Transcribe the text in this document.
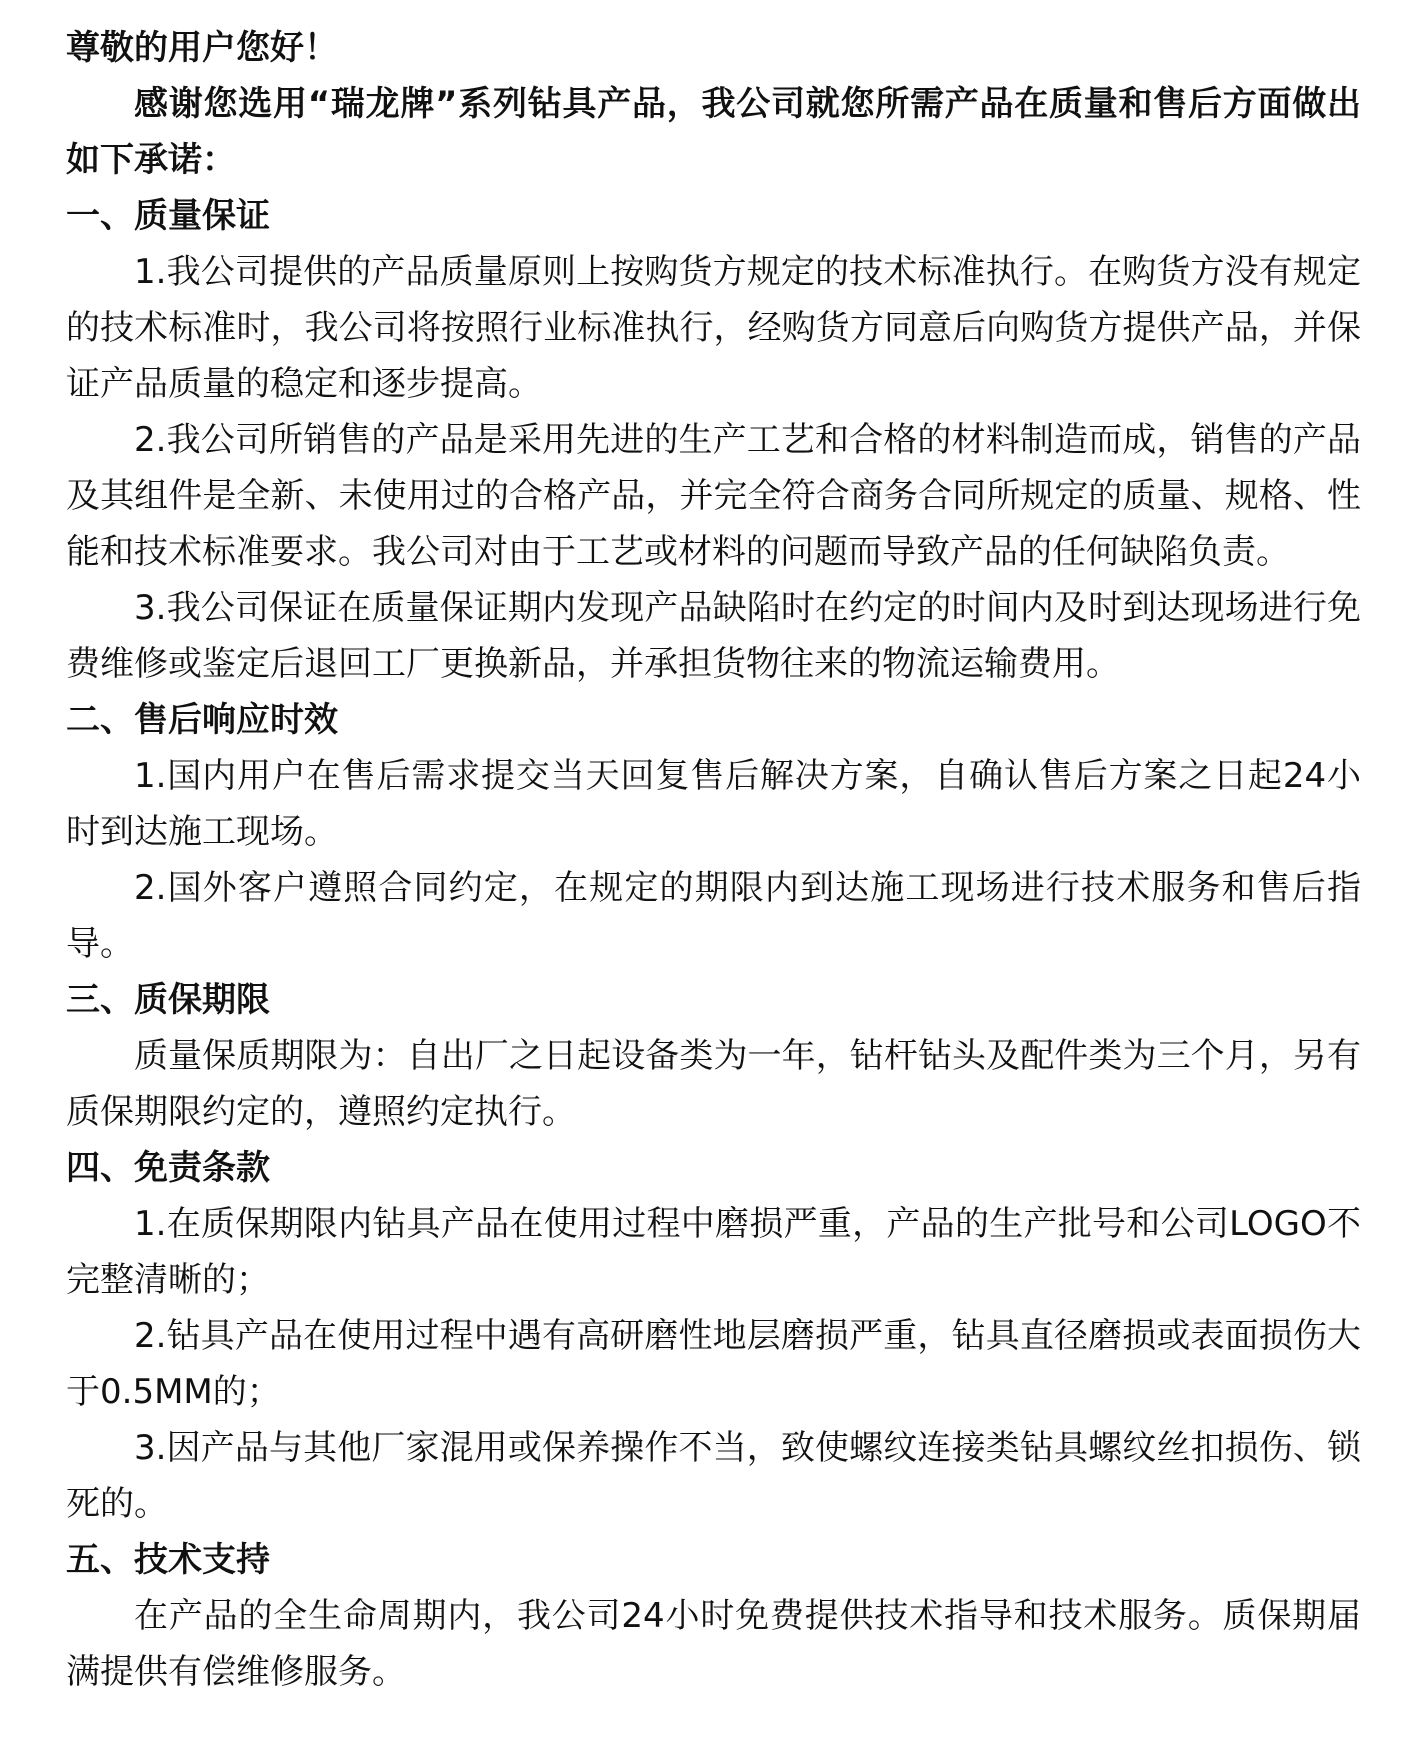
尊敬的用户您好！

感谢您选用“瑞龙牌”系列钻具产品，我公司就您所需产品在质量和售后方面做出如下承诺：

一、质量保证

1.我公司提供的产品质量原则上按购货方规定的技术标准执行。在购货方没有规定的技术标准时，我公司将按照行业标准执行，经购货方同意后向购货方提供产品，并保证产品质量的稳定和逐步提高。

2.我公司所销售的产品是采用先进的生产工艺和合格的材料制造而成，销售的产品及其组件是全新、未使用过的合格产品，并完全符合商务合同所规定的质量、规格、性能和技术标准要求。我公司对由于工艺或材料的问题而导致产品的任何缺陷负责。

3.我公司保证在质量保证期内发现产品缺陷时在约定的时间内及时到达现场进行免费维修或鉴定后退回工厂更换新品，并承担货物往来的物流运输费用。

二、售后响应时效

1.国内用户在售后需求提交当天回复售后解决方案，自确认售后方案之日起24小时到达施工现场。

2.国外客户遵照合同约定，在规定的期限内到达施工现场进行技术服务和售后指导。

三、质保期限

质量保质期限为：自出厂之日起设备类为一年，钻杆钻头及配件类为三个月，另有质保期限约定的，遵照约定执行。

四、免责条款

1.在质保期限内钻具产品在使用过程中磨损严重，产品的生产批号和公司LOGO不完整清晰的；

2.钻具产品在使用过程中遇有高研磨性地层磨损严重，钻具直径磨损或表面损伤大于0.5MM的；

3.因产品与其他厂家混用或保养操作不当，致使螺纹连接类钻具螺纹丝扣损伤、锁死的。

五、技术支持

在产品的全生命周期内，我公司24小时免费提供技术指导和技术服务。质保期届满提供有偿维修服务。
